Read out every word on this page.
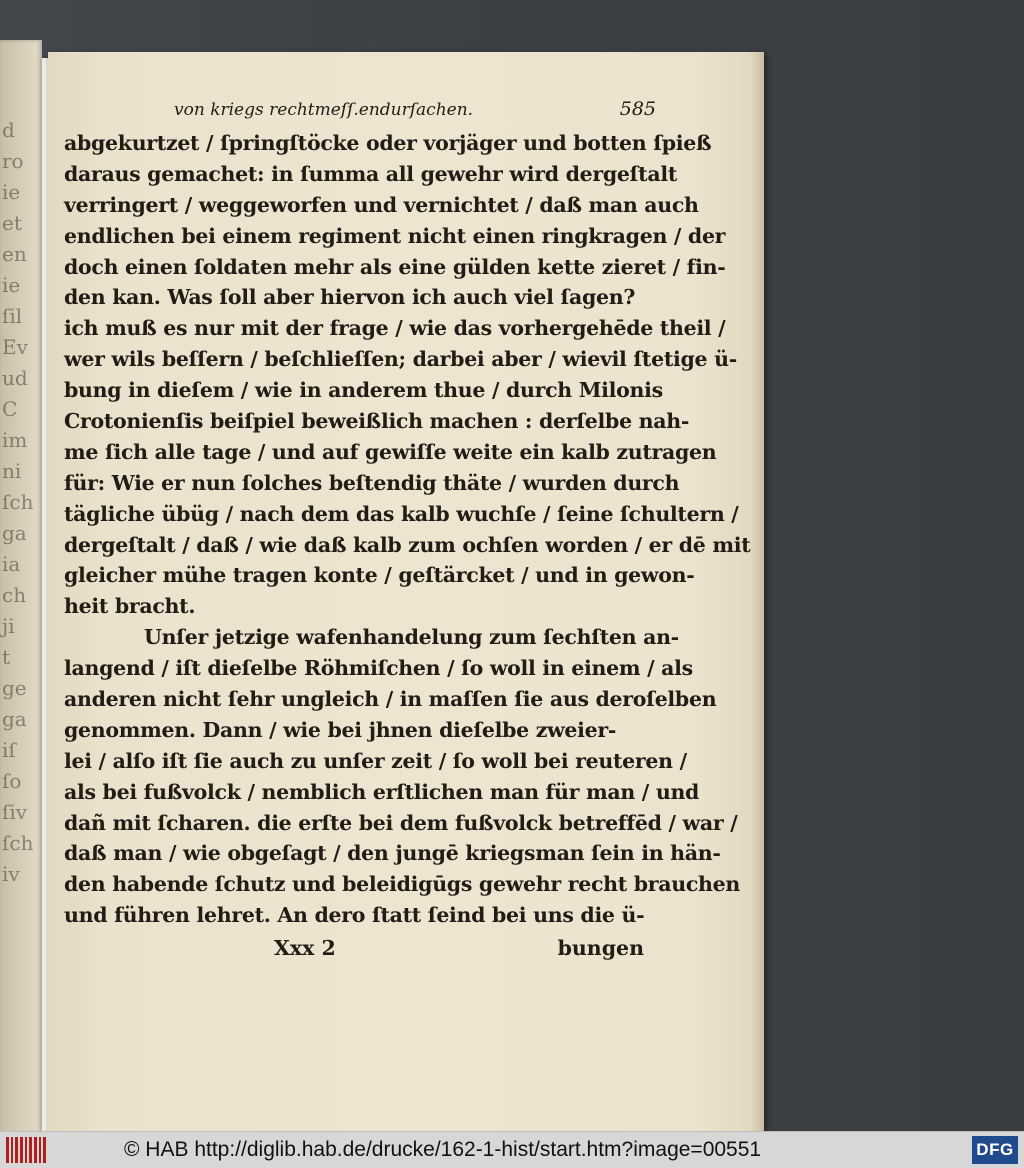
d
ro
ie
et
en
ie
ſil
Ev
ud
C
im
ni
ſch
ga
ia
ch
ji
t
ge
ga
iſ
ſo
ſiv
ſch
iv
von kriegs rechtmeſſ.endurſachen.	585
abgekurtzet / ſpringſtöcke oder vorjäger und botten ſpieß
daraus gemachet: in ſumma all gewehr wird dergeſtalt
verringert / weggeworfen und vernichtet / daß man auch
endlichen bei einem regiment nicht einen ringkragen / der
doch einen ſoldaten mehr als eine gülden kette zieret / fin-
den kan. Was ſoll aber hiervon ich auch viel ſagen?
ich muß es nur mit der frage / wie das vorhergehēde theil /
wer wils beſſern / beſchlieſſen; darbei aber / wievil ſtetige ü-
bung in dieſem / wie in anderem thue / durch Milonis
Crotonienſis beiſpiel beweißlich machen : derſelbe nah-
me ſich alle tage / und auf gewiſſe weite ein kalb zutragen
für: Wie er nun ſolches beſtendig thäte / wurden durch
tägliche übüg / nach dem das kalb wuchſe / ſeine ſchultern /
dergeſtalt / daß / wie daß kalb zum ochſen worden / er dē mit
gleicher mühe tragen konte / geſtärcket / und in gewon-
heit bracht.
Unſer jetzige wafenhandelung zum ſechſten an-
langend / iſt dieſelbe Röhmiſchen / ſo woll in einem / als
anderen nicht ſehr ungleich / in maſſen ſie aus deroſelben
genommen. Dann / wie bei jhnen dieſelbe zweier-
lei / alſo iſt ſie auch zu unſer zeit / ſo woll bei reuteren /
als bei fußvolck / nemblich erſtlichen man für man / und
dañ mit ſcharen. die erſte bei dem fußvolck betreffēd / war /
daß man / wie obgeſagt / den jungē kriegsman ſein in hän-
den habende ſchutz und beleidigūgs gewehr recht brauchen
und führen lehret. An dero ſtatt ſeind bei uns die ü-
Xxx 2	bungen
© HAB http://diglib.hab.de/drucke/162-1-hist/start.htm?image=00551	DFG
